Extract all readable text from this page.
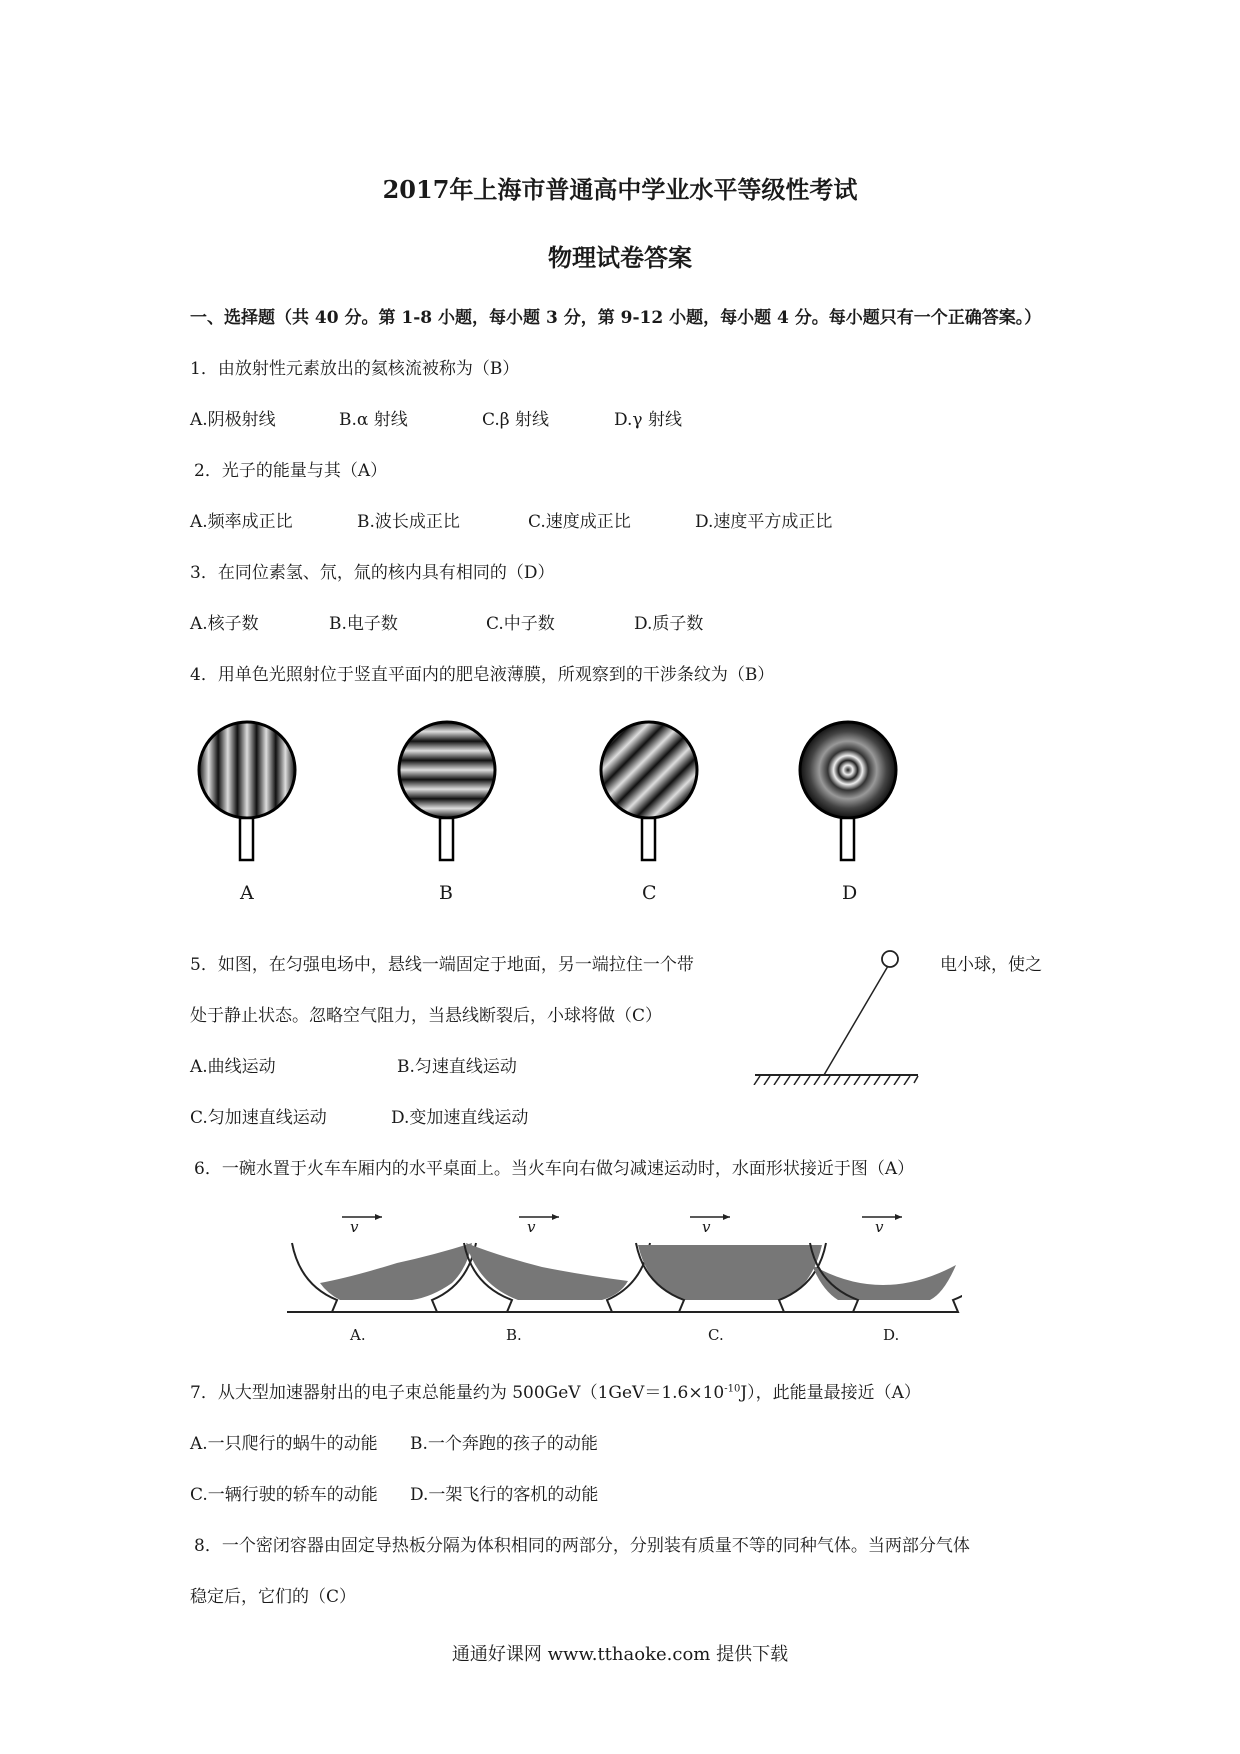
2017年上海市普通高中学业水平等级性考试
物理试卷答案
一、选择题（共 40 分。第 1-8 小题，每小题 3 分，第 9-12 小题，每小题 4 分。每小题只有一个正确答案。）
1．由放射性元素放出的氦核流被称为（B）
A.阴极射线	B.α 射线	C.β 射线	D.γ 射线
2．光子的能量与其（A）
A.频率成正比	B.波长成正比	C.速度成正比	D.速度平方成正比
3．在同位素氢、氘，氚的核内具有相同的（D）
A.核子数	B.电子数	C.中子数	D.质子数
4．用单色光照射位于竖直平面内的肥皂液薄膜，所观察到的干涉条纹为（B）
A	B	C	D
5．如图，在匀强电场中，悬线一端固定于地面，另一端拉住一个带	电小球，使之
处于静止状态。忽略空气阻力，当悬线断裂后，小球将做（C）
A.曲线运动	B.匀速直线运动
C.匀加速直线运动	D.变加速直线运动
6．一碗水置于火车车厢内的水平桌面上。当火车向右做匀减速运动时，水面形状接近于图（A）
v	v	v	v
A.	B.	C.	D.
7．从大型加速器射出的电子束总能量约为 $500GeV(1GeV=1.6\times 10^{-10}J)$，此能量最接近（A）
A.一只爬行的蜗牛的动能 B.一个奔跑的孩子的动能
C.一辆行驶的轿车的动能 D.一架飞行的客机的动能
8．一个密闭容器由固定导热板分隔为体积相同的两部分，分别装有质量不等的同种气体。当两部分气体
稳定后，它们的（C）
通通好课网 www.tthaoke.com 提供下载
